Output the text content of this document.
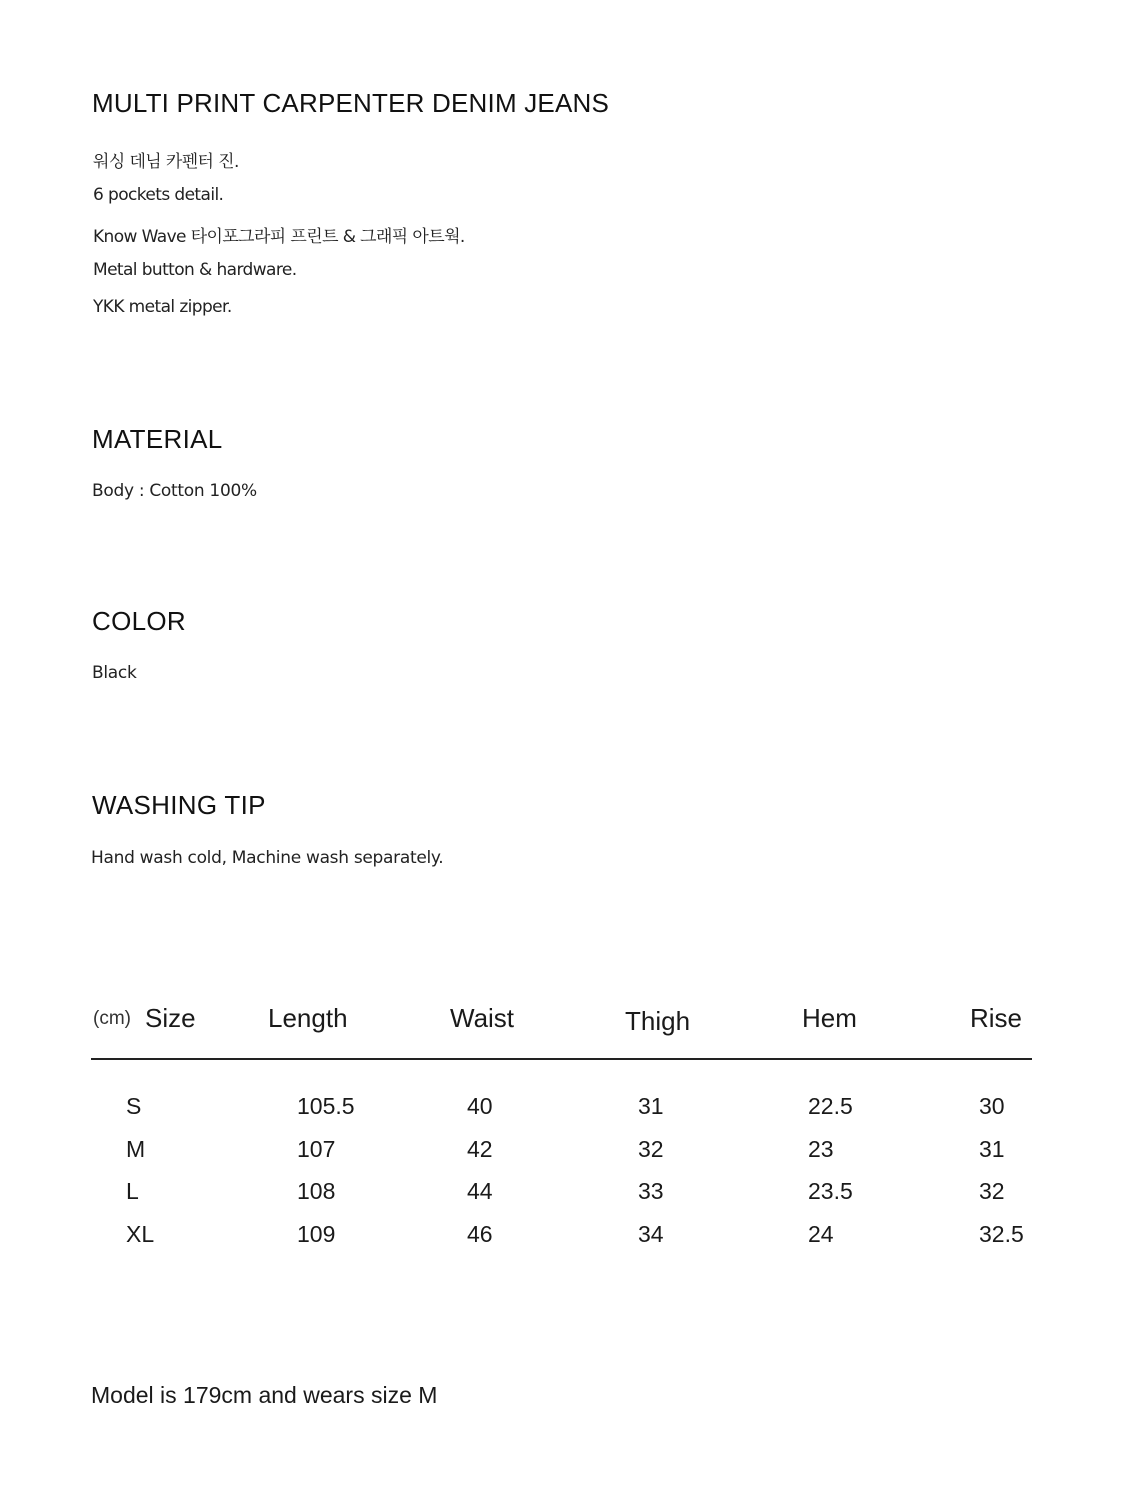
MULTI PRINT CARPENTER DENIM JEANS
워싱 데님 카펜터 진.
6 pockets detail.
Know Wave 타이포그라피 프린트 & 그래픽 아트웍.
Metal button & hardware.
YKK metal zipper.
MATERIAL
Body : Cotton 100%
COLOR
Black
WASHING TIP
Hand wash cold, Machine wash separately.
(cm) Size	Length	Waist	Thigh	Hem	Rise
S	105.5	40	31	22.5	30
M	107	42	32	23	31
L	108	44	33	23.5	32
XL	109	46	34	24	32.5
Model is 179cm and wears size M
